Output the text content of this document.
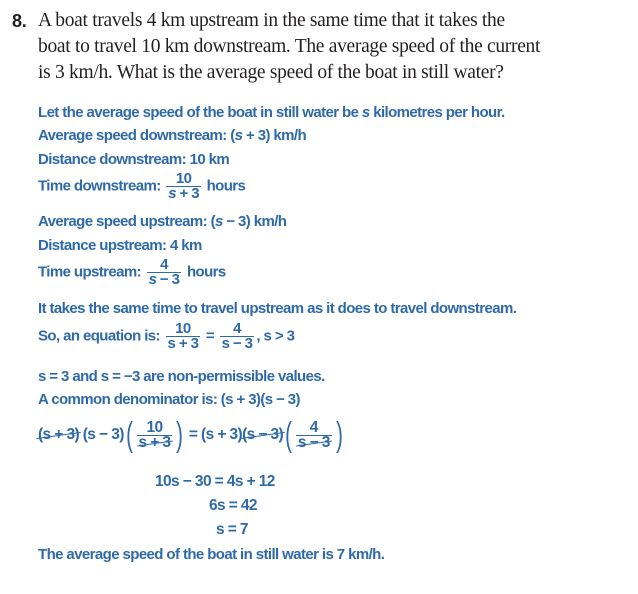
8. A boat travels 4 km upstream in the same time that it takes the
boat to travel 10 km downstream. The average speed of the current
is 3 km/h. What is the average speed of the boat in still water?
Let the average speed of the boat in still water be s kilometres per hour.
Average speed downstream: (s + 3) km/h
Distance downstream: 10 km
Time downstream: $\frac{10}{s + 3}$ hours
Average speed upstream: (s − 3) km/h
Distance upstream: 4 km
Time upstream: $\frac{4}{s - 3}$ hours
It takes the same time to travel upstream as it does to travel downstream.
So, an equation is: $\frac{10}{s + 3} = \frac{4}{s - 3}$ , s > 3
s = 3 and s = −3 are non-permissible values.
A common denominator is: (s + 3)(s − 3)
(s + 3) $(s - 3)( \frac{10}{s + 3}$ ) = $(s + 3)(s - 3)( \frac{4}{s - 3}$ )
10s − 30 = 4s + 12
6s = 42
s = 7
The average speed of the boat in still water is 7 km/h.
